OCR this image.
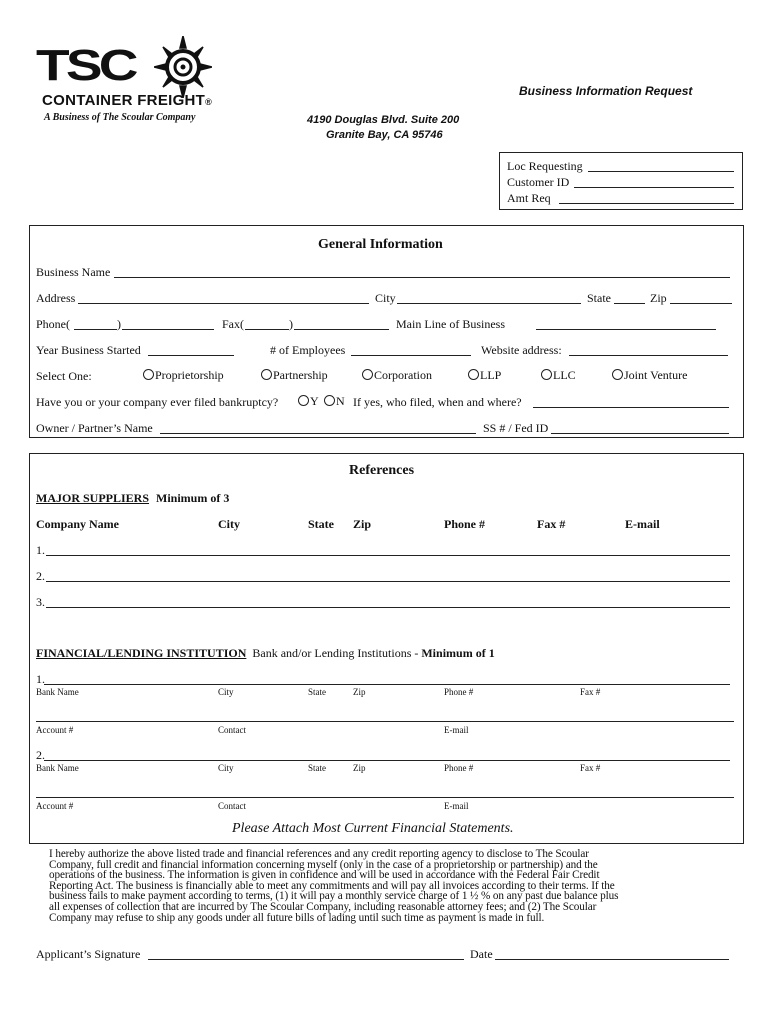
TSC
CONTAINER FREIGHT®
A Business of The Scoular Company
Business Information Request
4190 Douglas Blvd. Suite 200
Granite Bay, CA 95746
Loc Requesting
Customer ID
Amt Req
General Information
Business Name
Address	City	State	Zip
Phone(	)	Fax(	)	Main Line of Business
Year Business Started	# of Employees	Website address:
Select One:	Proprietorship	Partnership	Corporation	LLP	LLC	Joint Venture
Have you or your company ever filed bankruptcy?	Y	N If yes, who filed, when and where?
Owner / Partner’s Name	SS # / Fed ID
References
MAJOR SUPPLIERS Minimum of 3
Company Name	City	State Zip	Phone #	Fax #	E-mail
1.
2.
3.
FINANCIAL/LENDING INSTITUTION Bank and/or Lending Institutions - Minimum of 1
1.
Bank Name	City	State	Zip	Phone #	Fax #
Account #	Contact	E-mail
2.
Bank Name	City	State	Zip	Phone #	Fax #
Account #	Contact	E-mail
Please Attach Most Current Financial Statements.
I hereby authorize the above listed trade and financial references and any credit reporting agency to disclose to The Scoular
Company, full credit and financial information concerning myself (only in the case of a proprietorship or partnership) and the
operations of the business. The information is given in confidence and will be used in accordance with the Federal Fair Credit
Reporting Act. The business is financially able to meet any commitments and will pay all invoices according to their terms. If the
business fails to make payment according to terms, (1) it will pay a monthly service charge of 1 ½ % on any past due balance plus
all expenses of collection that are incurred by The Scoular Company, including reasonable attorney fees; and (2) The Scoular
Company may refuse to ship any goods under all future bills of lading until such time as payment is made in full.
Applicant’s Signature	Date
